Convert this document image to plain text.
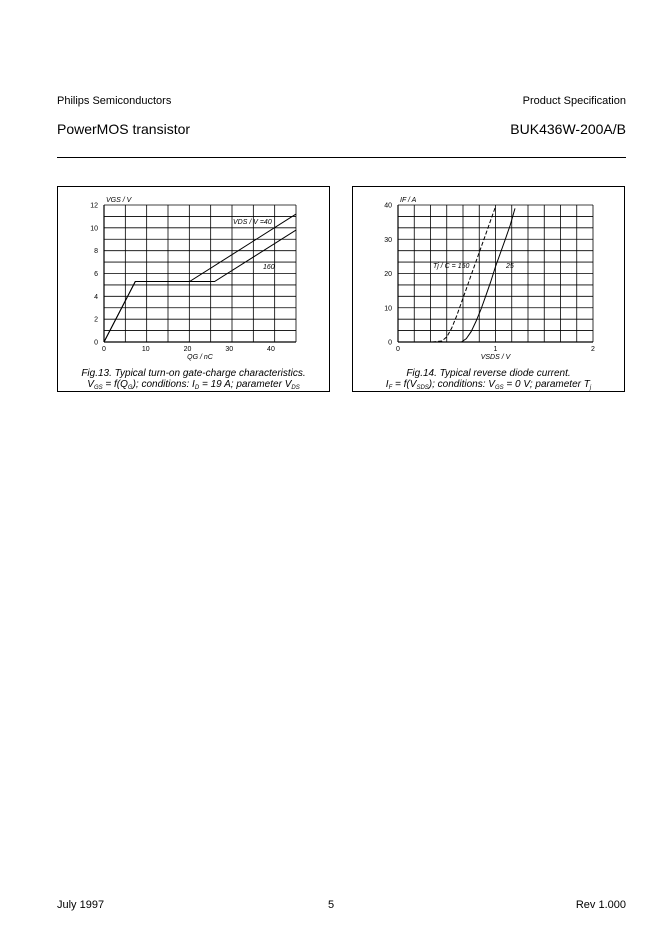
Philips Semiconductors	Product Specification
PowerMOS transistor	BUK436W-200A/B
0	10	20	30	40
0
2
4
6
8
10
12
QG / nC
VGS / V
VDS / V =40
160
Fig.13. Typical turn-on gate-charge characteristics.
$V_{GS} = f(Q_G)$; conditions: $I_D = 19$ A; parameter $V_{DS}$
0	1	2
0
10
20
30
40
VSDS / V
IF / A
Tj / C = 150	25
Fig.14. Typical reverse diode current.
$I_F = f(V_{SDS})$; conditions: $V_{GS} = 0$ V; parameter $T_j$
July 1997	5	Rev 1.000
